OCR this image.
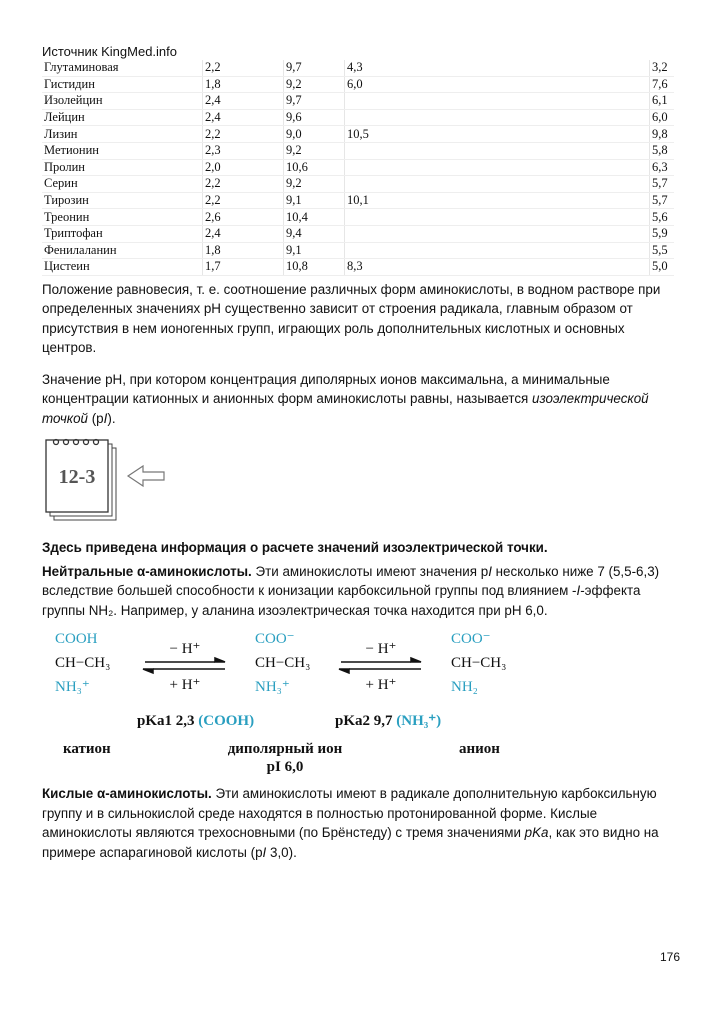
Источник KingMed.info
Глутаминовая	2,2	9,7	4,3	3,2
Гистидин	1,8	9,2	6,0	7,6
Изолейцин	2,4	9,7		6,1
Лейцин	2,4	9,6		6,0
Лизин	2,2	9,0	10,5	9,8
Метионин	2,3	9,2		5,8
Пролин	2,0	10,6		6,3
Серин	2,2	9,2		5,7
Тирозин	2,2	9,1	10,1	5,7
Треонин	2,6	10,4		5,6
Триптофан	2,4	9,4		5,9
Фенилаланин	1,8	9,1		5,5
Цистеин	1,7	10,8	8,3	5,0

Положение равновесия, т. е. соотношение различных форм аминокислоты, в водном растворе при определенных значениях pH существенно зависит от строения радикала, главным образом от присутствия в нем ионогенных групп, играющих роль дополнительных кислотных и основных центров.

Значение pH, при котором концентрация диполярных ионов максимальна, а минимальные концентрации катионных и анионных форм аминокислоты равны, называется изоэлектрической точкой (pI).

12-3

Здесь приведена информация о расчете значений изоэлектрической точки.

Нейтральные α-аминокислоты. Эти аминокислоты имеют значения pI несколько ниже 7 (5,5-6,3) вследствие большей способности к ионизации карбоксильной группы под влиянием -I-эффекта группы NH₂. Например, у аланина изоэлектрическая точка находится при pH 6,0.

COOH
CH−CH₃
NH₃⁺
COO⁻
CH−CH₃
NH₃⁺
COO⁻
CH−CH₃
NH₂
− H⁺
+ H⁺
− H⁺
+ H⁺
pKa1 2,3 (COOH)	pKa2 9,7 (NH₃⁺)
катион	диполярный ион
pI 6,0
анион

Кислые α-аминокислоты. Эти аминокислоты имеют в радикале дополнительную карбоксильную группу и в сильнокислой среде находятся в полностью протонированной форме. Кислые аминокислоты являются трехосновными (по Брёнстеду) с тремя значениями pKa, как это видно на примере аспарагиновой кислоты (pI 3,0).

176
